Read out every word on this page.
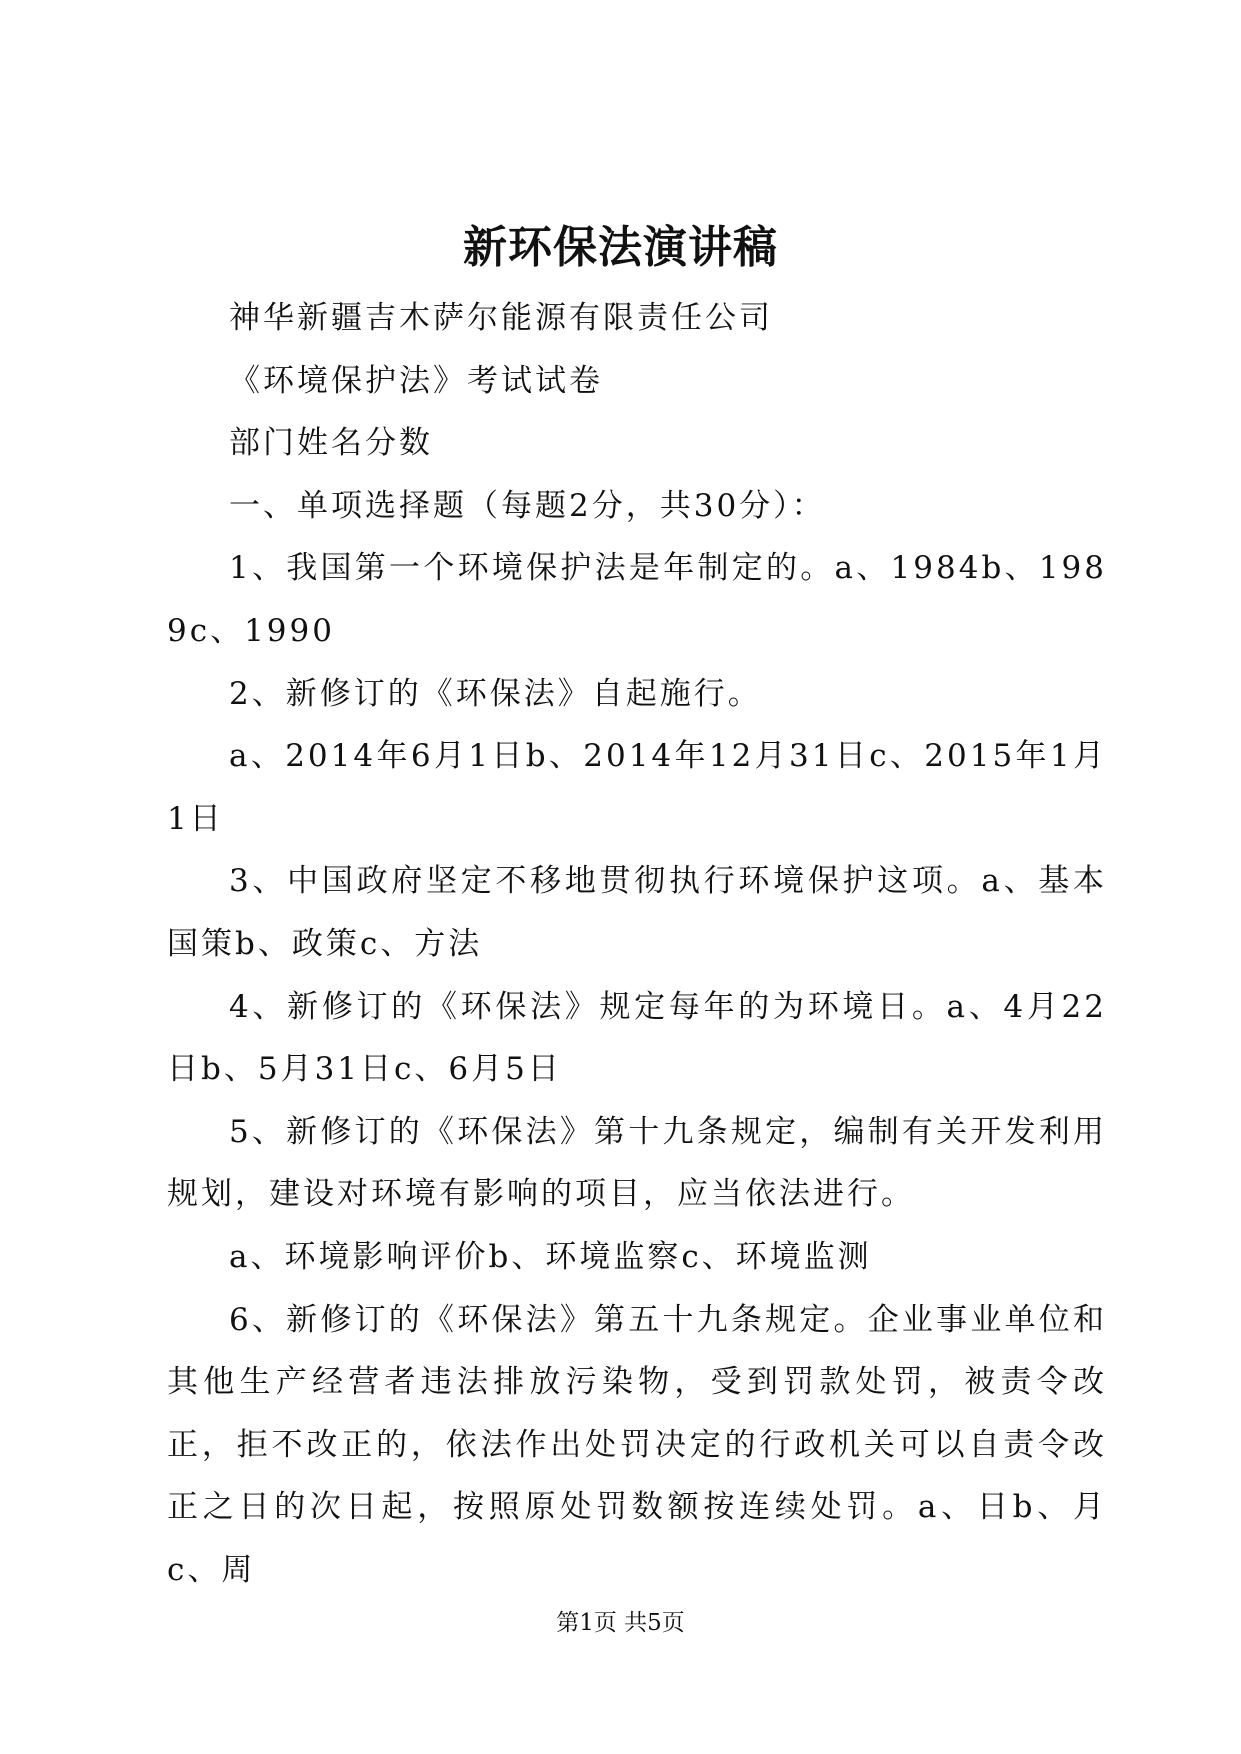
新环保法演讲稿

神华新疆吉木萨尔能源有限责任公司

《环境保护法》考试试卷

部门姓名分数

一、单项选择题（每题2分，共30分）：

1、我国第一个环境保护法是年制定的。a、1984b、1989c、1990

2、新修订的《环保法》自起施行。

a、2014年6月1日b、2014年12月31日c、2015年1月1日

3、中国政府坚定不移地贯彻执行环境保护这项。a、基本国策b、政策c、方法

4、新修订的《环保法》规定每年的为环境日。a、4月22日b、5月31日c、6月5日

5、新修订的《环保法》第十九条规定，编制有关开发利用规划，建设对环境有影响的项目，应当依法进行。

a、环境影响评价b、环境监察c、环境监测

6、新修订的《环保法》第五十九条规定。企业事业单位和其他生产经营者违法排放污染物，受到罚款处罚，被责令改正，拒不改正的，依法作出处罚决定的行政机关可以自责令改正之日的次日起，按照原处罚数额按连续处罚。a、日b、月c、周

第1页 共5页
